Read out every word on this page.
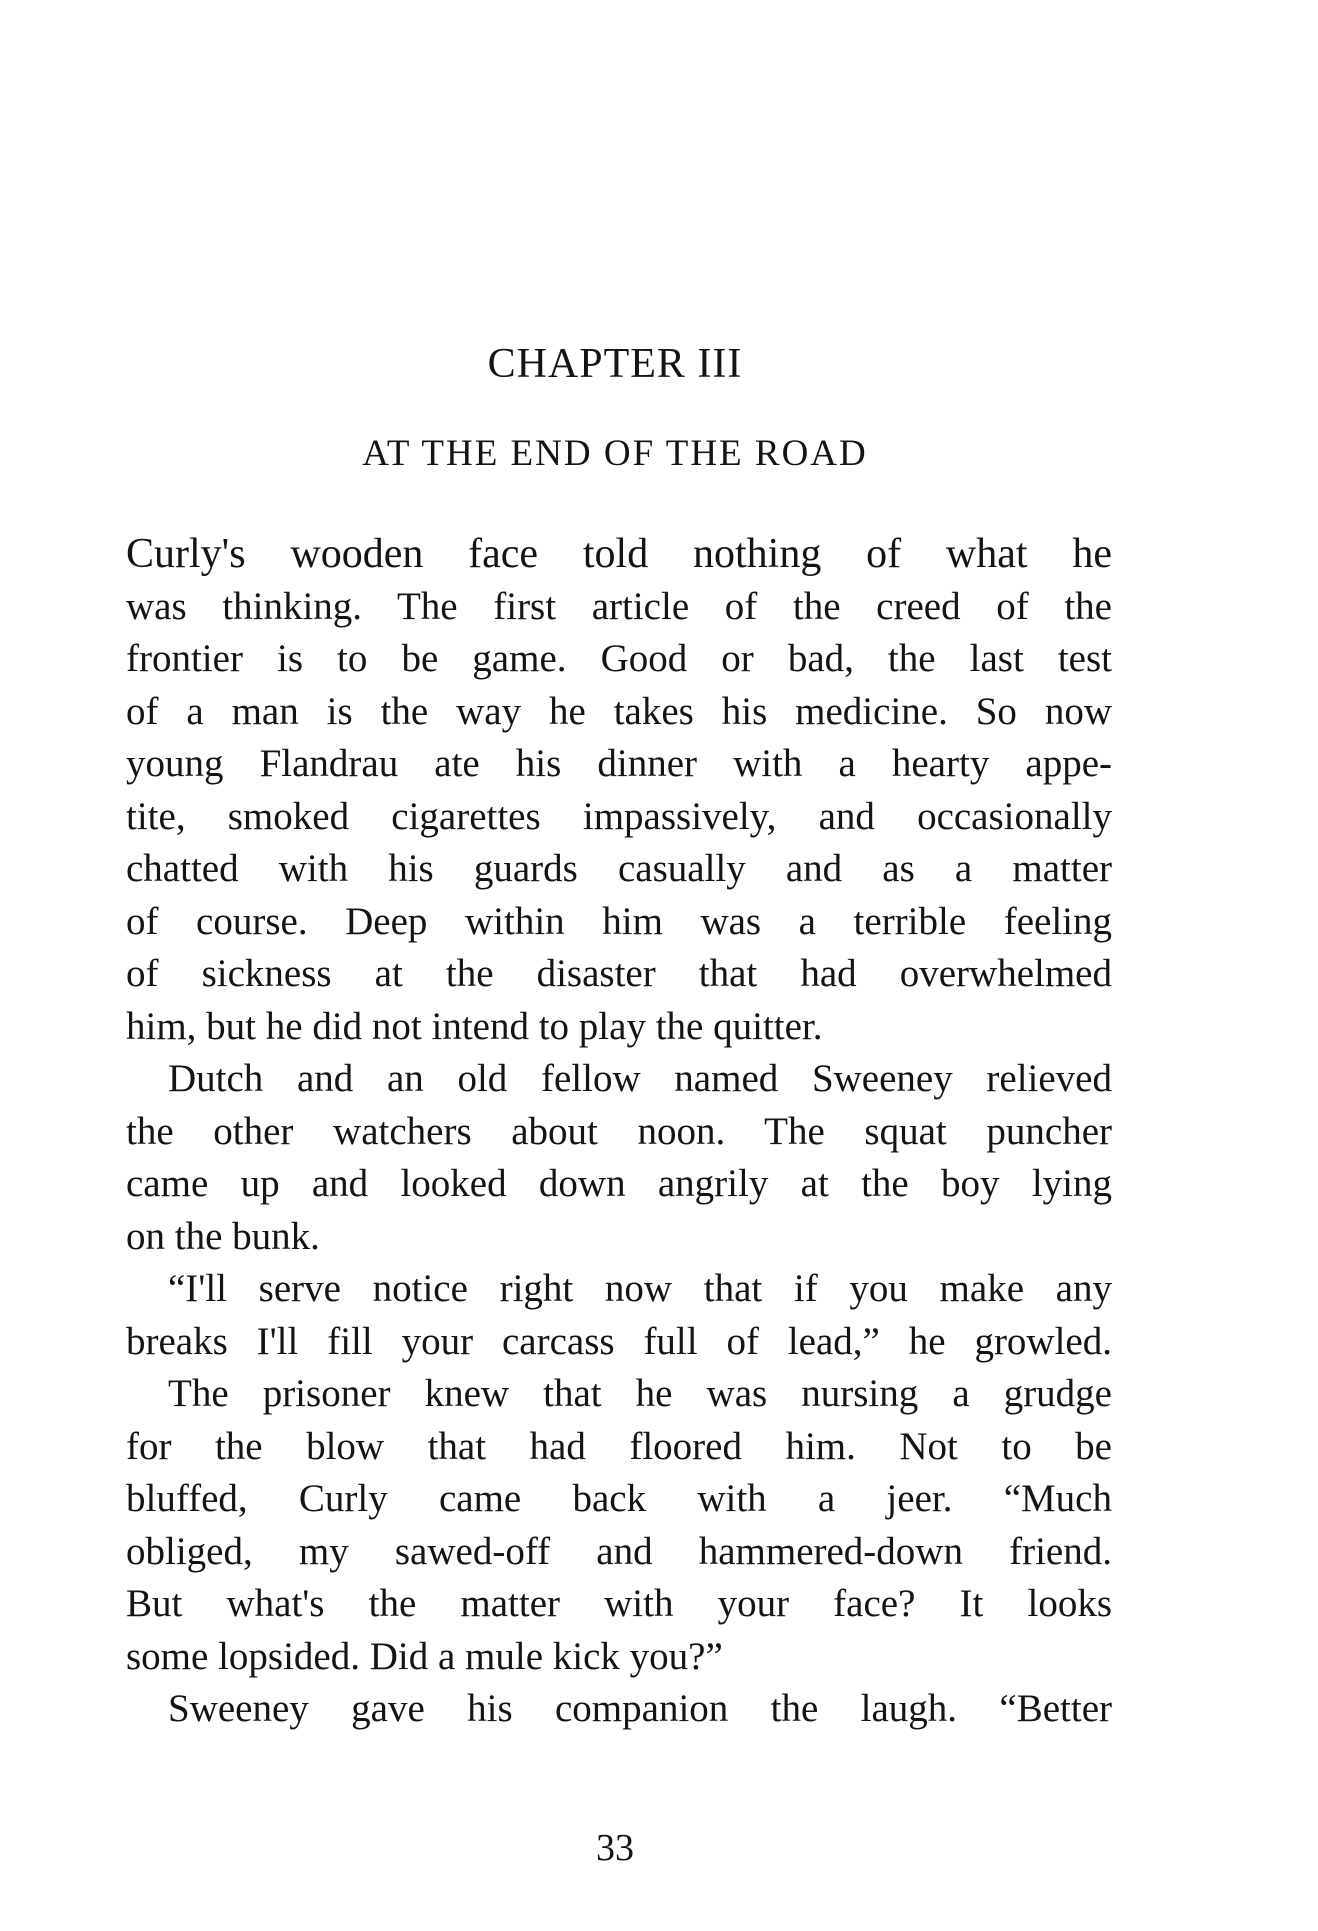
CHAPTER III
AT THE END OF THE ROAD
Curly's wooden face told nothing of what he
was thinking. The first article of the creed of the
frontier is to be game. Good or bad, the last test
of a man is the way he takes his medicine. So now
young Flandrau ate his dinner with a hearty appe-
tite, smoked cigarettes impassively, and occasionally
chatted with his guards casually and as a matter
of course. Deep within him was a terrible feeling
of sickness at the disaster that had overwhelmed
him, but he did not intend to play the quitter.
Dutch and an old fellow named Sweeney relieved
the other watchers about noon. The squat puncher
came up and looked down angrily at the boy lying
on the bunk.
“I'll serve notice right now that if you make any
breaks I'll fill your carcass full of lead,” he growled.
The prisoner knew that he was nursing a grudge
for the blow that had floored him. Not to be
bluffed, Curly came back with a jeer. “Much
obliged, my sawed-off and hammered-down friend.
But what's the matter with your face? It looks
some lopsided. Did a mule kick you?”
Sweeney gave his companion the laugh. “Better
33
